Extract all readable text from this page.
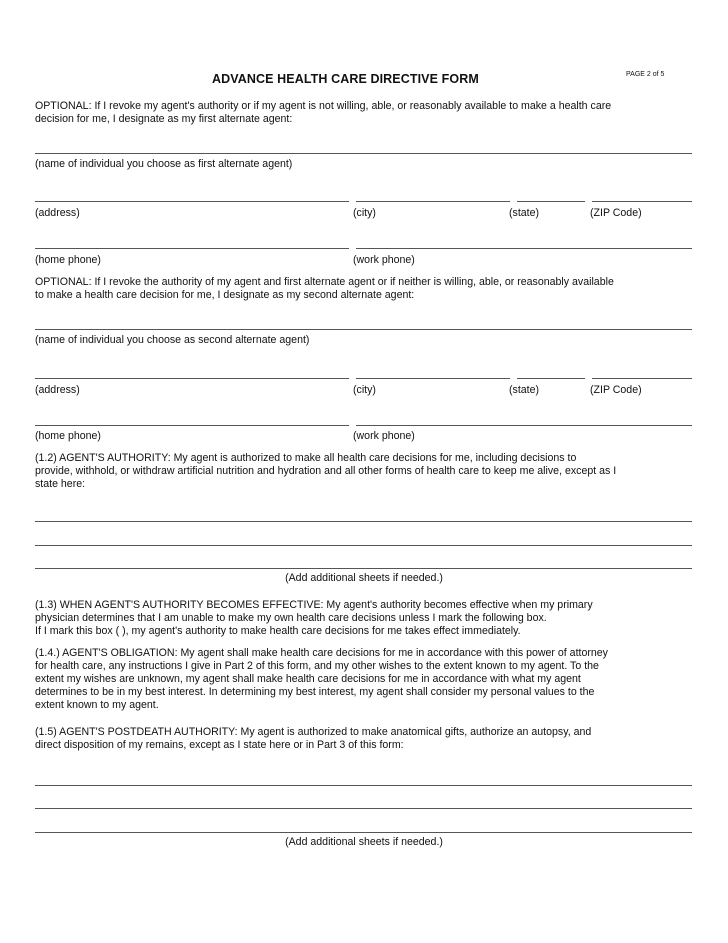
ADVANCE HEALTH CARE DIRECTIVE FORM	PAGE 2 of 5
OPTIONAL: If I revoke my agent's authority or if my agent is not willing, able, or reasonably available to make a health care
decision for me, I designate as my first alternate agent:
(name of individual you choose as first alternate agent)
(address)	(city)	(state)	(ZIP Code)
(home phone)	(work phone)
OPTIONAL: If I revoke the authority of my agent and first alternate agent or if neither is willing, able, or reasonably available
to make a health care decision for me, I designate as my second alternate agent:
(name of individual you choose as second alternate agent)
(address)	(city)	(state)	(ZIP Code)
(home phone)	(work phone)
(1.2) AGENT'S AUTHORITY: My agent is authorized to make all health care decisions for me, including decisions to
provide, withhold, or withdraw artificial nutrition and hydration and all other forms of health care to keep me alive, except as I
state here:
(Add additional sheets if needed.)
(1.3) WHEN AGENT'S AUTHORITY BECOMES EFFECTIVE: My agent's authority becomes effective when my primary
physician determines that I am unable to make my own health care decisions unless I mark the following box.
If I mark this box ( ), my agent's authority to make health care decisions for me takes effect immediately.
(1.4.) AGENT'S OBLIGATION: My agent shall make health care decisions for me in accordance with this power of attorney
for health care, any instructions I give in Part 2 of this form, and my other wishes to the extent known to my agent. To the
extent my wishes are unknown, my agent shall make health care decisions for me in accordance with what my agent
determines to be in my best interest. In determining my best interest, my agent shall consider my personal values to the
extent known to my agent.
(1.5) AGENT'S POSTDEATH AUTHORITY: My agent is authorized to make anatomical gifts, authorize an autopsy, and
direct disposition of my remains, except as I state here or in Part 3 of this form:
(Add additional sheets if needed.)
